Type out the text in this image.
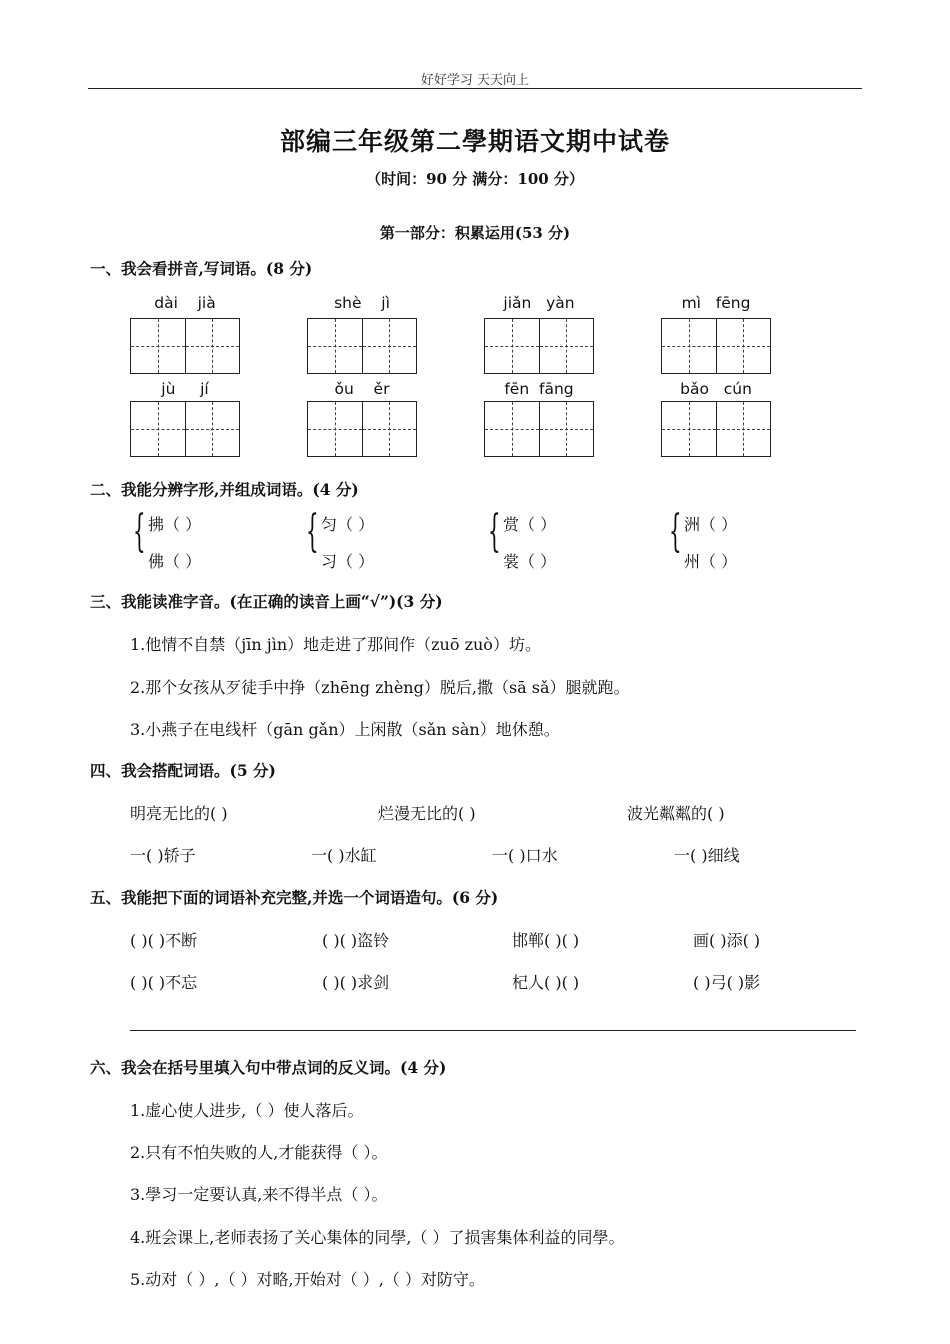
好好学习 天天向上
部编三年级第二學期语文期中试卷
（时间：90 分 满分：100 分）
第一部分：积累运用(53 分)
一、我会看拼音,写词语。(8 分)
dài jià	shè jì	jiǎn yàn	mì fēng
jù jí	ǒu ěr	fēn fāng	bǎo cún
二、我能分辨字形,并组成词语。(4 分)
{ 拂（ ）
佛（ ）
{ 匀（ ）
习（ ）
{ 赏（ ）
裳（ ）
{ 洲（ ）
州（ ）
三、我能读准字音。(在正确的读音上画“√”)(3 分)
1.他情不自禁（jīn jìn）地走进了那间作（zuō zuò）坊。
2.那个女孩从歹徒手中挣（zhēng zhèng）脱后,撒（sā sǎ）腿就跑。
3.小燕子在电线杆（gān gǎn）上闲散（sǎn sàn）地休憩。
四、我会搭配词语。(5 分)
明亮无比的( )	烂漫无比的( )	波光粼粼的( )
一( )轿子	一( )水缸	一( )口水	一( )细线
五、我能把下面的词语补充完整,并选一个词语造句。(6 分)
( )( )不断	( )( )盗铃	邯郸( )( )	画( )添( )
( )( )不忘	( )( )求剑	杞人( )( )	( )弓( )影
六、我会在括号里填入句中带点词的反义词。(4 分)
1.虚心使人进步,（ ）使人落后。
2.只有不怕失败的人,才能获得（ ）。
3.學习一定要认真,来不得半点（ ）。
4.班会课上,老师表扬了关心集体的同學,（ ）了损害集体利益的同學。
5.动对（ ）,（ ）对略,开始对（ ）,（ ）对防守。
